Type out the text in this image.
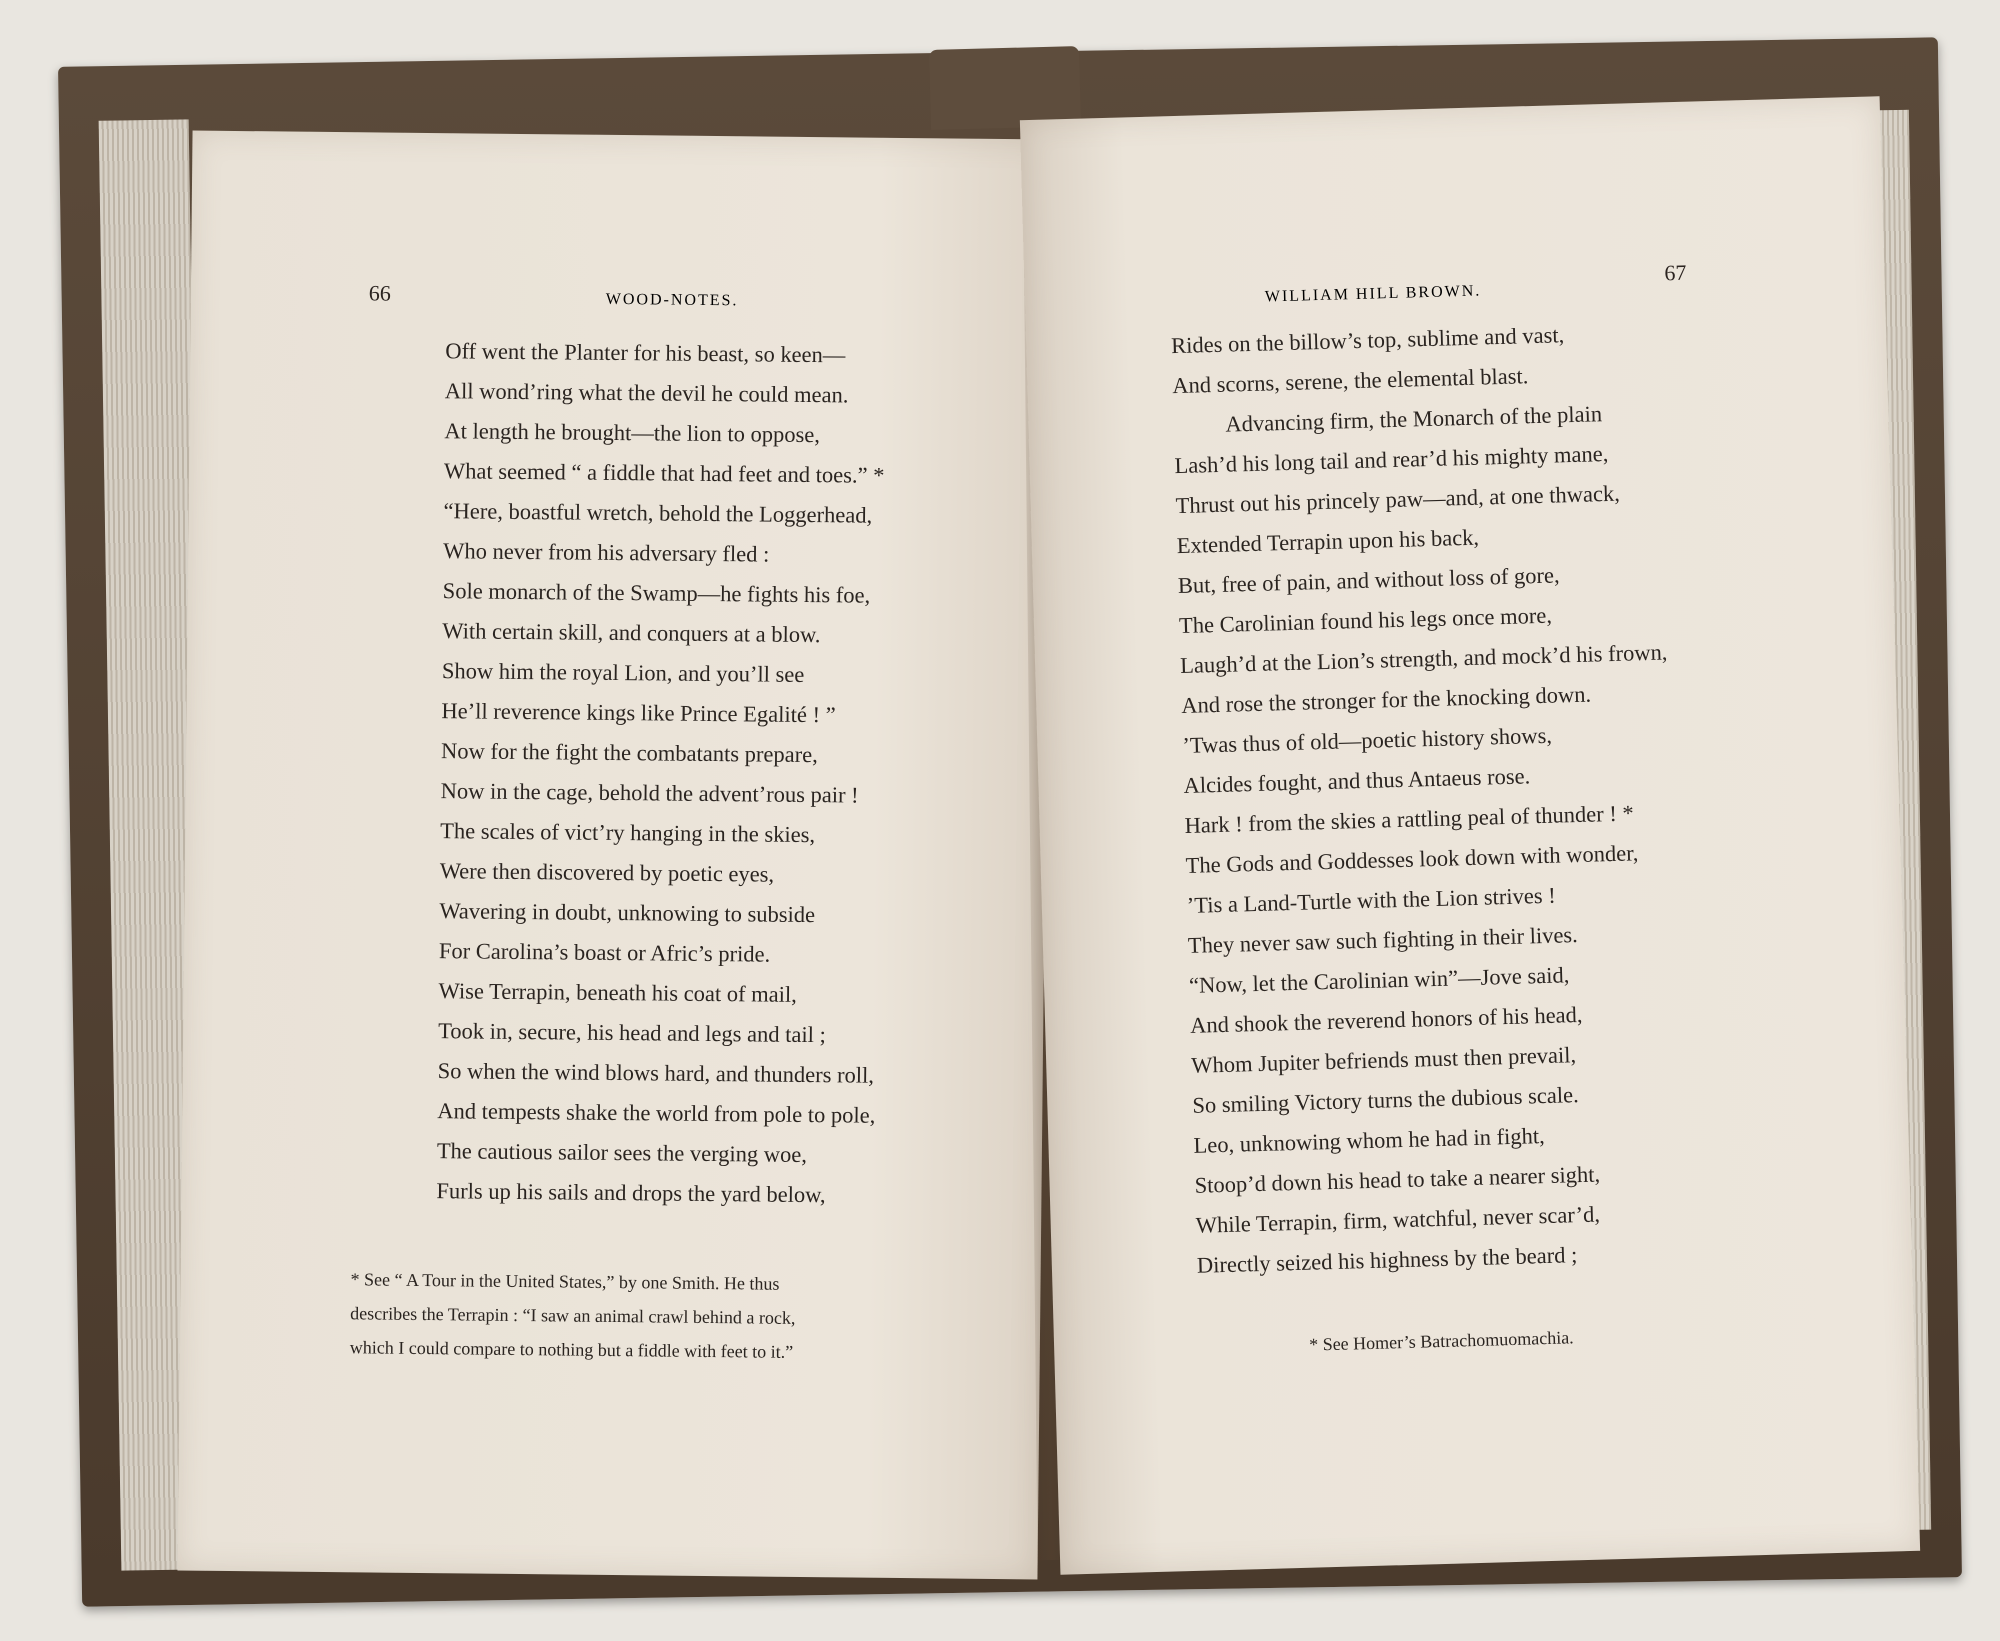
66	WOOD-NOTES.
Off went the Planter for his beast, so keen—
All wond’ring what the devil he could mean.
At length he brought—the lion to oppose,
What seemed “ a fiddle that had feet and toes.” *
“Here, boastful wretch, behold the Loggerhead,
Who never from his adversary fled :
Sole monarch of the Swamp—he fights his foe,
With certain skill, and conquers at a blow.
Show him the royal Lion, and you’ll see
He’ll reverence kings like Prince Egalité ! ”
Now for the fight the combatants prepare,
Now in the cage, behold the advent’rous pair !
The scales of vict’ry hanging in the skies,
Were then discovered by poetic eyes,
Wavering in doubt, unknowing to subside
For Carolina’s boast or Afric’s pride.
Wise Terrapin, beneath his coat of mail,
Took in, secure, his head and legs and tail ;
So when the wind blows hard, and thunders roll,
And tempests shake the world from pole to pole,
The cautious sailor sees the verging woe,
Furls up his sails and drops the yard below,

* See “ A Tour in the United States,” by one Smith. He thus

describes the Terrapin : “I saw an animal crawl behind a rock,

which I could compare to nothing but a fiddle with feet to it.”

WILLIAM HILL BROWN.
67
Rides on the billow’s top, sublime and vast,
And scorns, serene, the elemental blast.
Advancing firm, the Monarch of the plain
Lash’d his long tail and rear’d his mighty mane,
Thrust out his princely paw—and, at one thwack,
Extended Terrapin upon his back,
But, free of pain, and without loss of gore,
The Carolinian found his legs once more,
Laugh’d at the Lion’s strength, and mock’d his frown,
And rose the stronger for the knocking down.
’Twas thus of old—poetic history shows,
Alcides fought, and thus Antaeus rose.
Hark ! from the skies a rattling peal of thunder ! *
The Gods and Goddesses look down with wonder,
’Tis a Land-Turtle with the Lion strives !
They never saw such fighting in their lives.
“Now, let the Carolinian win”—Jove said,
And shook the reverend honors of his head,
Whom Jupiter befriends must then prevail,
So smiling Victory turns the dubious scale.
Leo, unknowing whom he had in fight,
Stoop’d down his head to take a nearer sight,
While Terrapin, firm, watchful, never scar’d,
Directly seized his highness by the beard ;

* See Homer’s Batrachomuomachia.
